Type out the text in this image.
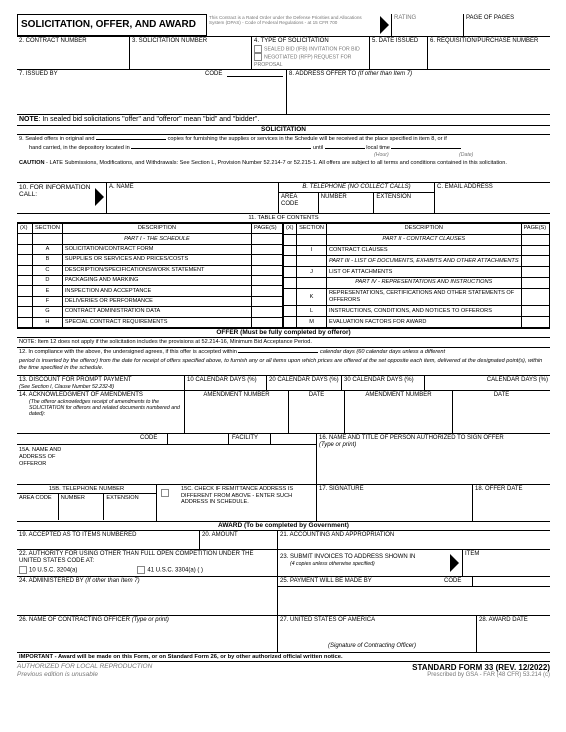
SOLICITATION, OFFER, AND AWARD
This Contract is a Rated Order under the Defense Priorities and Allocations System (DPAS) - Code of Federal Regulations - at 15 CFR 700
RATING	PAGE OF PAGES
2. CONTRACT NUMBER	3. SOLICITATION NUMBER	4. TYPE OF SOLICITATION
SEALED BID (IFB) INVITATION FOR BID
NEGOTIATED (RFP) REQUEST FOR PROPOSAL
5. DATE ISSUED	6. REQUISITION/PURCHASE NUMBER
7. ISSUED BY	CODE	8. ADDRESS OFFER TO (If other than Item 7)
NOTE : In sealed bid solicitations "offer" and "offeror" mean "bid" and "bidder".
SOLICITATION
9. Sealed offers in original and	copies for furnishing the supplies or services in the Schedule will be received at the place specified in item 8, or if
hand carried, in the depository located in	until	local time
(Hour)	(Date)
CAUTION - LATE Submissions, Modifications, and Withdrawals: See Section L, Provision Number 52.214-7 or 52.215-1. All offers are subject to all terms and conditions contained in this solicitation.
10. FOR INFORMATION CALL:
A. NAME	B. TELEPHONE (NO COLLECT CALLS)
AREA CODE
NUMBER	EXTENSION
C. EMAIL ADDRESS
11. TABLE OF CONTENTS
(X)	SECTION	DESCRIPTION	PAGE(S)
		PART I - THE SCHEDULE	
	A	SOLICITATION/CONTRACT FORM	
	B	SUPPLIES OR SERVICES AND PRICES/COSTS	
	C	DESCRIPTION/SPECIFICATIONS/WORK STATEMENT	
	D	PACKAGING AND MARKING	
	E	INSPECTION AND ACCEPTANCE	
	F	DELIVERIES OR PERFORMANCE	
	G	CONTRACT ADMINISTRATION DATA	
	H	SPECIAL CONTRACT REQUIREMENTS	
(X)	SECTION	DESCRIPTION	PAGE(S)
		PART II - CONTRACT CLAUSES	
	I	CONTRACT CLAUSES	
		PART III - LIST OF DOCUMENTS, EXHIBITS AND OTHER ATTACHMENTS	
	J	LIST OF ATTACHMENTS	
		PART IV - REPRESENTATIONS AND INSTRUCTIONS	
	K	REPRESENTATIONS, CERTIFICATIONS AND OTHER STATEMENTS OF OFFERORS	
	L	INSTRUCTIONS, CONDITIONS, AND NOTICES TO OFFERORS	
	M	EVALUATION FACTORS FOR AWARD	
OFFER (Must be fully completed by offeror)
NOTE: Item 12 does not apply if the solicitation includes the provisions at 52.214-16, Minimum Bid Acceptance Period.
12. In compliance with the above, the undersigned agrees, if this offer is accepted within	calendar days (60 calendar days unless a different
period is inserted by the offeror) from the date for receipt of offers specified above, to furnish any or all items upon which prices are offered at the set opposite each item, delivered at the designated point(s), within the time specified in the schedule.
13. DISCOUNT FOR PROMPT PAYMENT
(See Section I, Clause Number 52.232-8)
10 CALENDAR DAYS (%)	20 CALENDAR DAYS (%) 30 CALENDAR DAYS (%)	CALENDAR DAYS (%)
14. ACKNOWLEDGMENT OF AMENDMENTS
(The offeror acknowledges receipt of amendments to the SOLICITATION for offerors and related documents numbered and dated):
AMENDMENT NUMBER	DATE	AMENDMENT NUMBER	DATE
CODE	FACILITY
15A. NAME AND ADDRESS OF OFFEROR
16. NAME AND TITLE OF PERSON AUTHORIZED TO SIGN OFFER
(Type or print)
15B. TELEPHONE NUMBER
AREA CODE	NUMBER	EXTENSION
15C. CHECK IF REMITTANCE ADDRESS IS DIFFERENT FROM ABOVE - ENTER SUCH ADDRESS IN SCHEDULE.
17. SIGNATURE	18. OFFER DATE
AWARD (To be completed by Government)
19. ACCEPTED AS TO ITEMS NUMBERED	20. AMOUNT	21. ACCOUNTING AND APPROPRIATION
22. AUTHORITY FOR USING OTHER THAN FULL OPEN COMPETITION UNDER THE UNITED STATES CODE AT:
10 U.S.C. 3204(a)	41 U.S.C. 3304(a) ( )
23. SUBMIT INVOICES TO ADDRESS SHOWN IN
(4 copies unless otherwise specified)
ITEM
24. ADMINISTERED BY (If other than Item 7)	25. PAYMENT WILL BE MADE BY	CODE
26. NAME OF CONTRACTING OFFICER (Type or print)	27. UNITED STATES OF AMERICA
(Signature of Contracting Officer)
28. AWARD DATE
IMPORTANT - Award will be made on this Form, or on Standard Form 26, or by other authorized official written notice.
AUTHORIZED FOR LOCAL REPRODUCTION
Previous edition is unusable
STANDARD FORM 33 (REV. 12/2022)
Prescribed by GSA - FAR (48 CFR) 53.214 (c)
